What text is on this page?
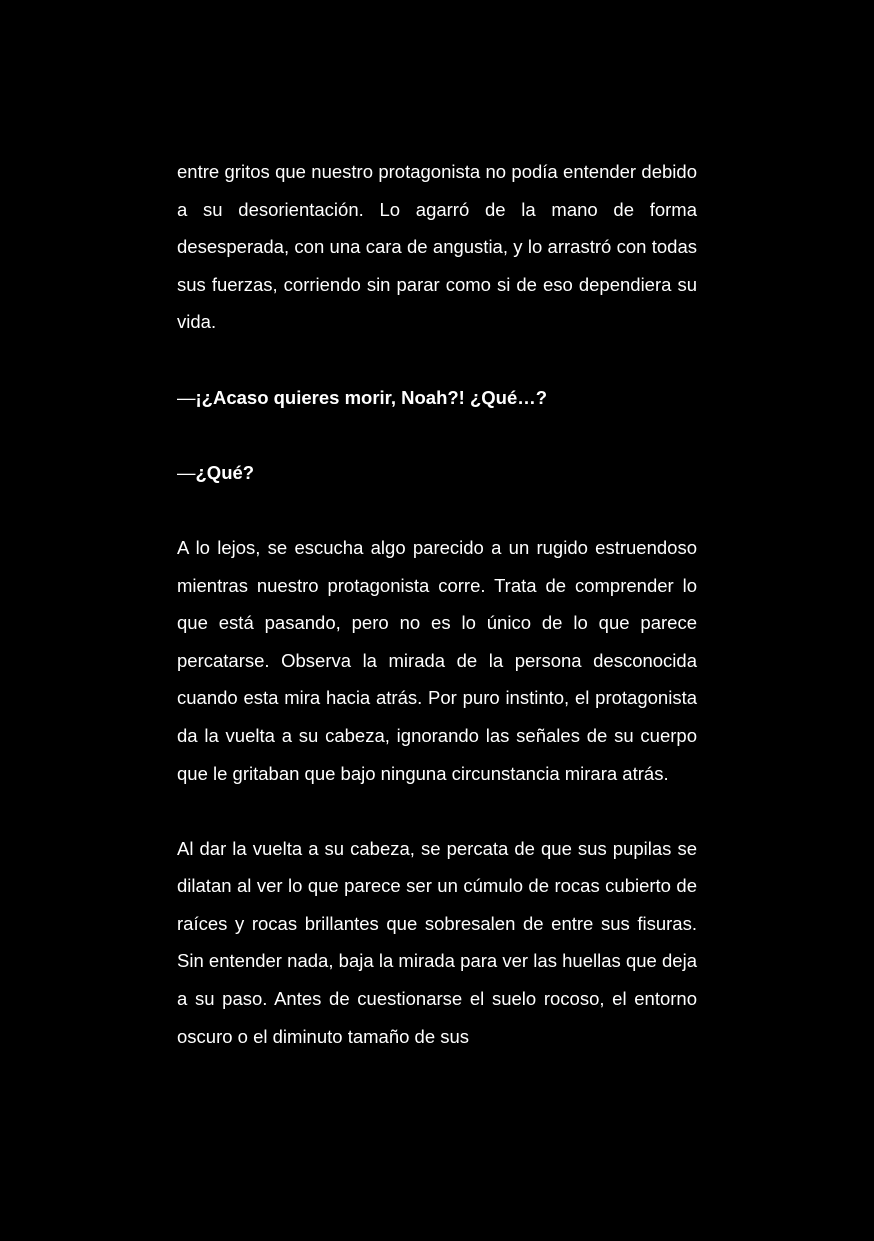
entre gritos que nuestro protagonista no podía entender debido a su desorientación. Lo agarró de la mano de forma desesperada, con una cara de angustia, y lo arrastró con todas sus fuerzas, corriendo sin parar como si de eso dependiera su vida.

—¡¿Acaso quieres morir, Noah?! ¿Qué…?

—¿Qué?

A lo lejos, se escucha algo parecido a un rugido estruendoso mientras nuestro protagonista corre. Trata de comprender lo que está pasando, pero no es lo único de lo que parece percatarse. Observa la mirada de la persona desconocida cuando esta mira hacia atrás. Por puro instinto, el protagonista da la vuelta a su cabeza, ignorando las señales de su cuerpo que le gritaban que bajo ninguna circunstancia mirara atrás.

Al dar la vuelta a su cabeza, se percata de que sus pupilas se dilatan al ver lo que parece ser un cúmulo de rocas cubierto de raíces y rocas brillantes que sobresalen de entre sus fisuras. Sin entender nada, baja la mirada para ver las huellas que deja a su paso. Antes de cuestionarse el suelo rocoso, el entorno oscuro o el diminuto tamaño de sus
